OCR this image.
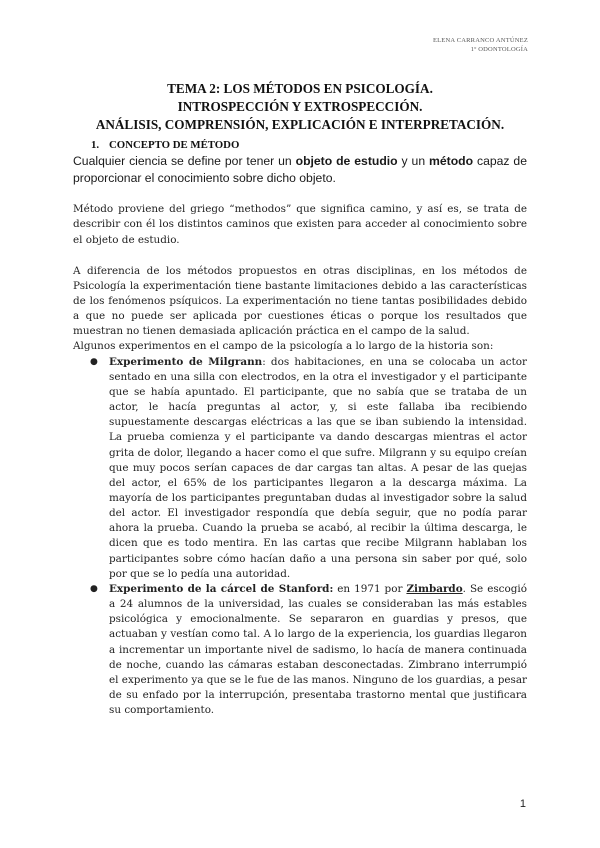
ELENA CARRANCO ANTÚNEZ
1º ODONTOLOGÍA
TEMA 2: LOS MÉTODOS EN PSICOLOGÍA.
INTROSPECCIÓN Y EXTROSPECCIÓN.
ANÁLISIS, COMPRENSIÓN, EXPLICACIÓN E INTERPRETACIÓN.
1. CONCEPTO DE MÉTODO

Cualquier ciencia se define por tener un objeto de estudio y un método capaz de proporcionar el conocimiento sobre dicho objeto.

Método proviene del griego “methodos” que significa camino, y así es, se trata de describir con él los distintos caminos que existen para acceder al conocimiento sobre el objeto de estudio.

A diferencia de los métodos propuestos en otras disciplinas, en los métodos de Psicología la experimentación tiene bastante limitaciones debido a las características de los fenómenos psíquicos. La experimentación no tiene tantas posibilidades debido a que no puede ser aplicada por cuestiones éticas o porque los resultados que muestran no tienen demasiada aplicación práctica en el campo de la salud.

Algunos experimentos en el campo de la psicología a lo largo de la historia son:

● Experimento de Milgrann: dos habitaciones, en una se colocaba un actor sentado en una silla con electrodos, en la otra el investigador y el participante que se había apuntado. El participante, que no sabía que se trataba de un actor, le hacía preguntas al actor, y, si este fallaba iba recibiendo supuestamente descargas eléctricas a las que se iban subiendo la intensidad. La prueba comienza y el participante va dando descargas mientras el actor grita de dolor, llegando a hacer como el que sufre. Milgrann y su equipo creían que muy pocos serían capaces de dar cargas tan altas. A pesar de las quejas del actor, el 65% de los participantes llegaron a la descarga máxima. La mayoría de los participantes preguntaban dudas al investigador sobre la salud del actor. El investigador respondía que debía seguir, que no podía parar ahora la prueba. Cuando la prueba se acabó, al recibir la última descarga, le dicen que es todo mentira. En las cartas que recibe Milgrann hablaban los participantes sobre cómo hacían daño a una persona sin saber por qué, solo por que se lo pedía una autoridad.
● Experimento de la cárcel de Stanford: en 1971 por Zimbardo. Se escogió a 24 alumnos de la universidad, las cuales se consideraban las más estables psicológica y emocionalmente. Se separaron en guardias y presos, que actuaban y vestían como tal. A lo largo de la experiencia, los guardias llegaron a incrementar un importante nivel de sadismo, lo hacía de manera continuada de noche, cuando las cámaras estaban desconectadas. Zimbrano interrumpió el experimento ya que se le fue de las manos. Ninguno de los guardias, a pesar de su enfado por la interrupción, presentaba trastorno mental que justificara su comportamiento.
1
